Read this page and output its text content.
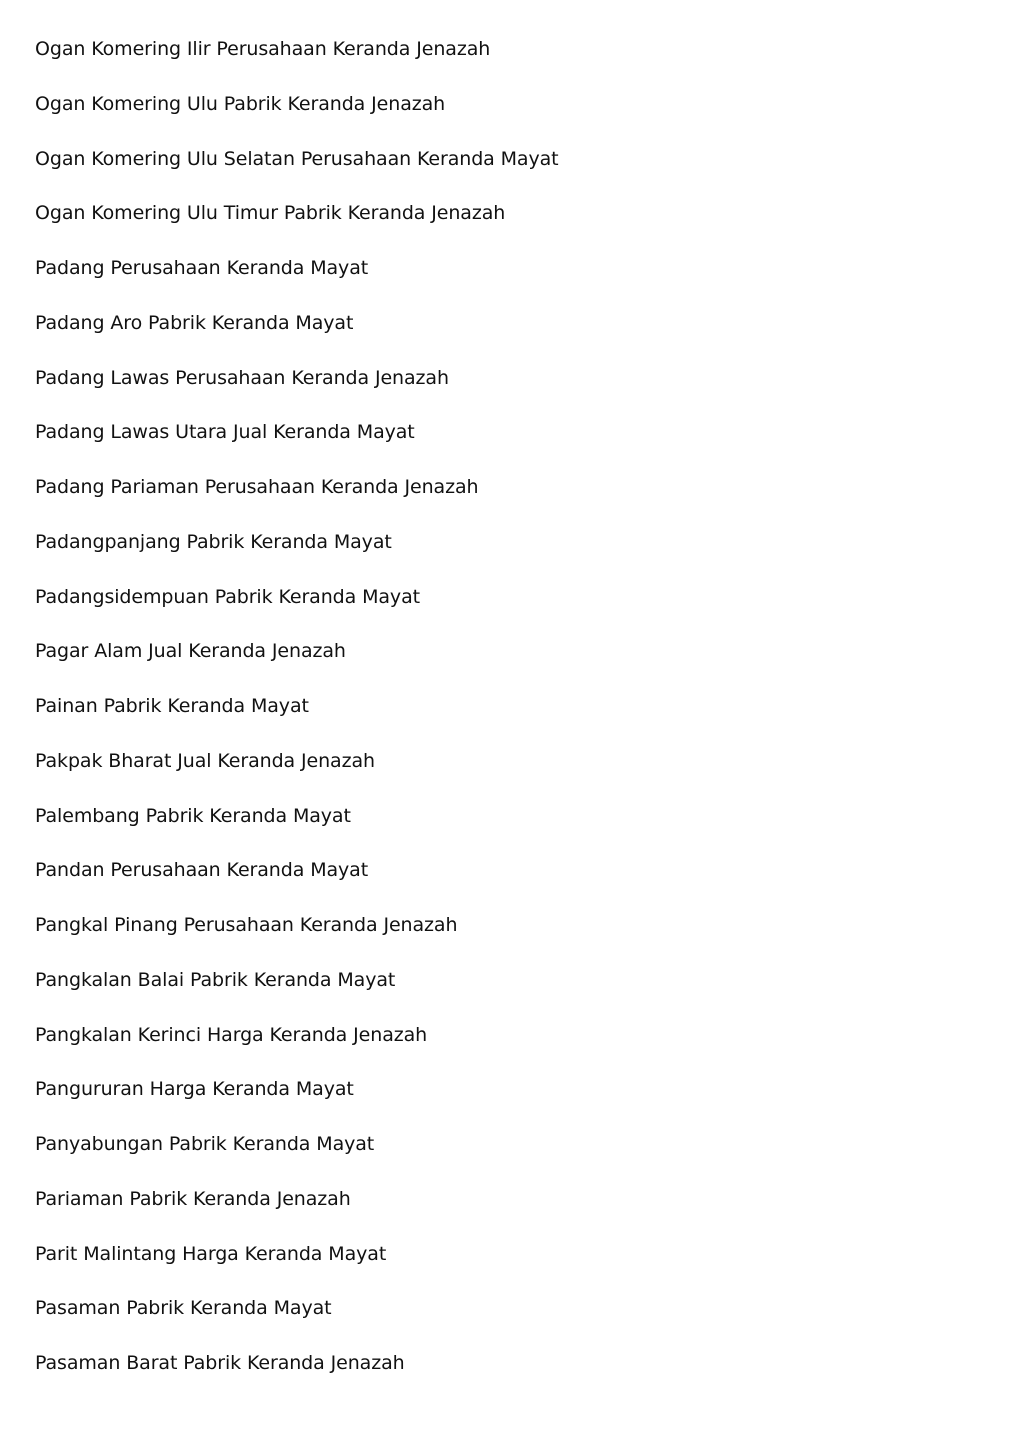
Ogan Komering Ilir Perusahaan Keranda Jenazah
Ogan Komering Ulu Pabrik Keranda Jenazah
Ogan Komering Ulu Selatan Perusahaan Keranda Mayat
Ogan Komering Ulu Timur Pabrik Keranda Jenazah
Padang Perusahaan Keranda Mayat
Padang Aro Pabrik Keranda Mayat
Padang Lawas Perusahaan Keranda Jenazah
Padang Lawas Utara Jual Keranda Mayat
Padang Pariaman Perusahaan Keranda Jenazah
Padangpanjang Pabrik Keranda Mayat
Padangsidempuan Pabrik Keranda Mayat
Pagar Alam Jual Keranda Jenazah
Painan Pabrik Keranda Mayat
Pakpak Bharat Jual Keranda Jenazah
Palembang Pabrik Keranda Mayat
Pandan Perusahaan Keranda Mayat
Pangkal Pinang Perusahaan Keranda Jenazah
Pangkalan Balai Pabrik Keranda Mayat
Pangkalan Kerinci Harga Keranda Jenazah
Pangururan Harga Keranda Mayat
Panyabungan Pabrik Keranda Mayat
Pariaman Pabrik Keranda Jenazah
Parit Malintang Harga Keranda Mayat
Pasaman Pabrik Keranda Mayat
Pasaman Barat Pabrik Keranda Jenazah
